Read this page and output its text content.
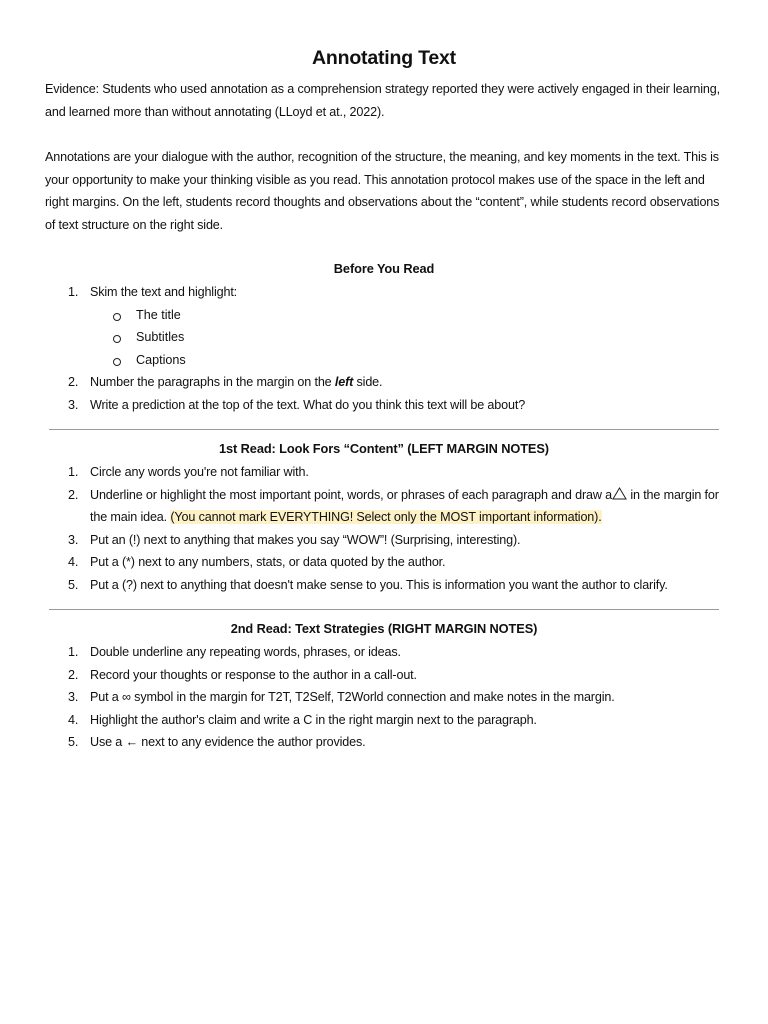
Annotating Text

Evidence: Students who used annotation as a comprehension strategy reported they were actively engaged in their learning, and learned more than without annotating (LLoyd et at., 2022).

Annotations are your dialogue with the author, recognition of the structure, the meaning, and key moments in the text. This is your opportunity to make your thinking visible as you read. This annotation protocol makes use of the space in the left and right margins. On the left, students record thoughts and observations about the “content”, while students record observations of text structure on the right side.

Before You Read
1. Skim the text and highlight:
The title
Subtitles
Captions
2. Number the paragraphs in the margin on the left side.
3. Write a prediction at the top of the text. What do you think this text will be about?
1st Read: Look Fors “Content” (LEFT MARGIN NOTES)
1. Circle any words you're not familiar with.
2. Underline or highlight the most important point, words, or phrases of each paragraph and draw a in the margin for the main idea. (You cannot mark EVERYTHING! Select only the MOST important information).
3. Put an (!) next to anything that makes you say “WOW”! (Surprising, interesting).
4. Put a (*) next to any numbers, stats, or data quoted by the author.
5. Put a (?) next to anything that doesn't make sense to you. This is information you want the author to clarify.
2nd Read: Text Strategies (RIGHT MARGIN NOTES)
1. Double underline any repeating words, phrases, or ideas.
2. Record your thoughts or response to the author in a call-out.
3. Put a ∞ symbol in the margin for T2T, T2Self, T2World connection and make notes in the margin.
4. Highlight the author's claim and write a C in the right margin next to the paragraph.
5. Use a ← next to any evidence the author provides.
